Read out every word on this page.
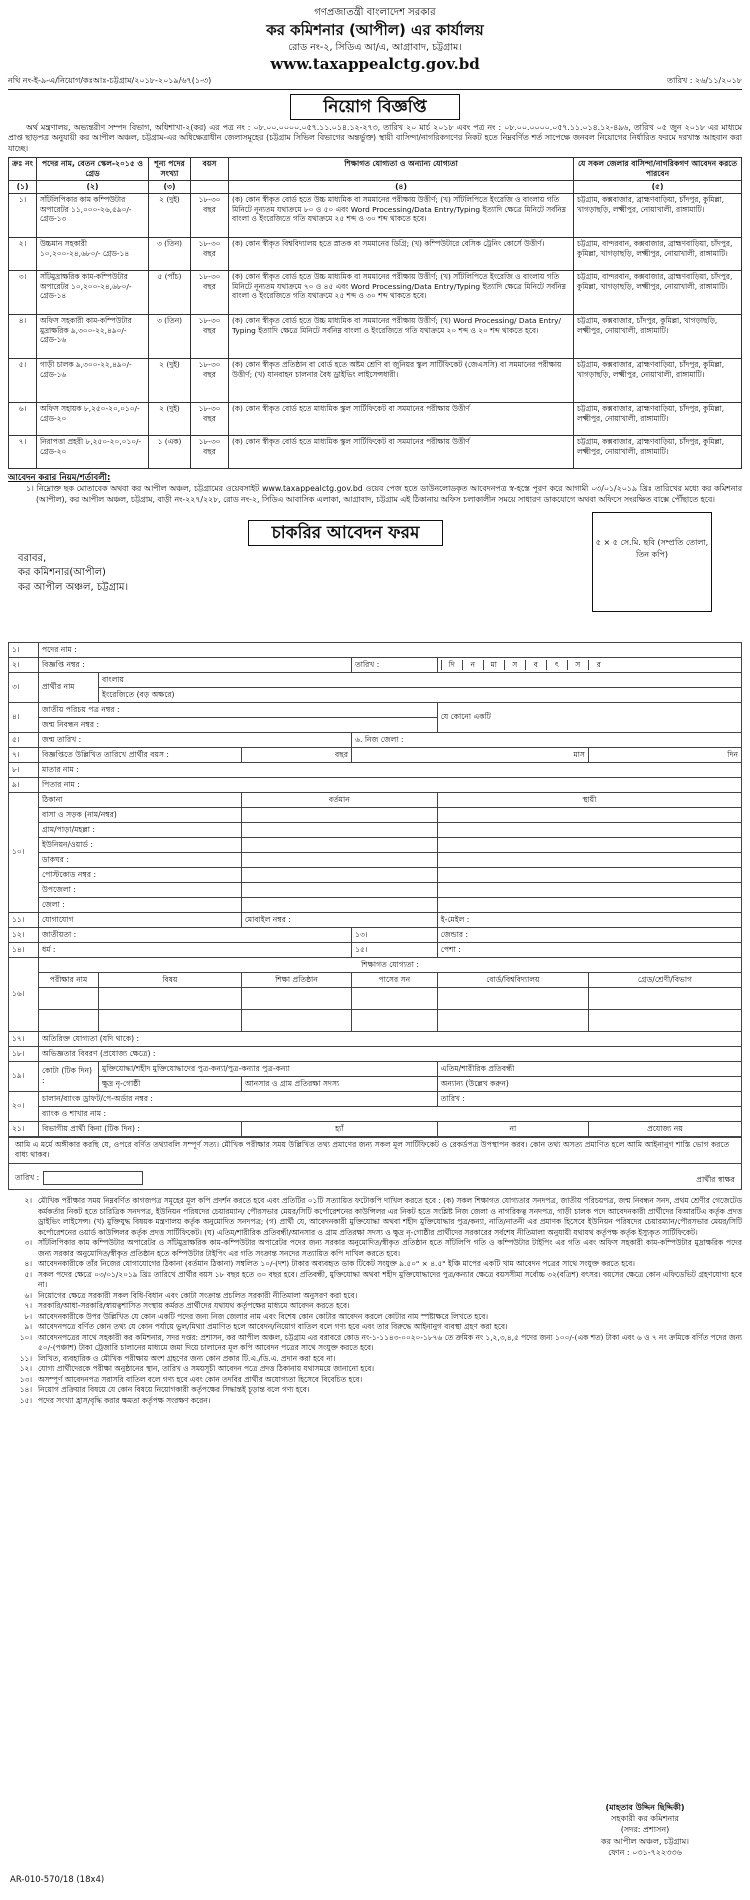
গণপ্রজাতন্ত্রী বাংলাদেশ সরকার
কর কমিশনার (আপীল) এর কার্যালয়
রোড নং-২, সিডিএ আ/এ, আগ্রাবাদ, চট্টগ্রাম।
www.taxappealctg.gov.bd
নথি নং-ই-৯-এ/নিয়োগ/কঃআঃ-চট্টগ্রাম/২০১৮-২০১৯/৬৭(১-৩)	তারিখ : ২৬/১১/২০১৮
নিয়োগ বিজ্ঞপ্তি

অর্থ মন্ত্রণালয়, অভ্যন্তরীণ সম্পদ বিভাগ, অধিশাখা-২(কর) এর পত্র নং : ০৮.০০.০০০০.০৫৭.১১.০১৪.১২-২৭৩, তারিখ ২০ মার্চ ২০১৮ এবং পত্র নং : ০৮.০০.০০০০.০৫৭.১১.০১৪.১২-৪৯৬, তারিখ ০৫ জুন ২০১৮ এর মাধ্যমে প্রাপ্ত ছাড়পত্র অনুযায়ী কর আপীল অঞ্চল, চট্টগ্রাম-এর অধিক্ষেত্রাধীন জেলাসমূহের (চট্টগ্রাম সিভিল বিভাগের অন্তর্ভুক্ত) স্থায়ী বাসিন্দা/নাগরিকগণের নিকট হতে নিম্নবর্ণিত শর্ত সাপেক্ষে জনবল নিয়োগের নির্ধারিত ফরমে দরখাস্ত আহবান করা যাচ্ছে।

ক্রঃ নং	পদের নাম, বেতন স্কেল-২০১৫ ও গ্রেড	শূন্য পদের সংখ্যা	বয়স	শিক্ষাগত যোগ্যতা ও অন্যান্য যোগ্যতা	যে সকল জেলার বাসিন্দা/নাগরিকগণ আবেদন করতে পারবেন
(১)	(২)	(৩)		(৪)	(৫)
১।	সাঁটলিপিকার কাম কম্পিউটার অপারেটর ১১,০০০-২৬,৫৯০/- গ্রেড-১৩	২ (দুই)	১৮-৩০ বছর	(ক) কোন স্বীকৃত বোর্ড হতে উচ্চ মাধ্যমিক বা সমমানের পরীক্ষায় উত্তীর্ণ; (খ) সাঁটলিপিতে ইংরেজি ও বাংলায় গতি মিনিটে নূন্যতম যথাক্রমে ৮০ ও ৫০ এবং Word Processing/Data Entry/Typing ইত্যাদি ক্ষেত্রে মিনিটে সর্বনিম্ন বাংলা ও ইংরেজিতে গতি যথাক্রমে ২৫ শব্দ ও ৩০ শব্দ থাকতে হবে।	চট্টগ্রাম, কক্সবাজার, ব্রাহ্মণবাড়িয়া, চাঁদপুর, কুমিল্লা, খাগড়াছড়ি, লক্ষ্মীপুর, নোয়াখালী, রাঙ্গামাটি।
২।	উচ্চমান সহকারী ১০,২০০-২৪,৬৮০/- গ্রেড-১৪	৩ (তিন)	১৮-৩০ বছর	(ক) কোন স্বীকৃত বিশ্ববিদ্যালয় হতে স্নাতক বা সমমানের ডিগ্রি; (খ) কম্পিউটারে বেসিক ট্রেনিং কোর্সে উত্তীর্ণ।	চট্টগ্রাম, বান্দরবান, কক্সবাজার, ব্রাহ্মণবাড়িয়া, চাঁদপুর, কুমিল্লা, খাগড়াছড়ি, লক্ষ্মীপুর, নোয়াখালী, রাঙ্গামাটি।
৩।	সাঁটমুদ্রাক্ষরিক কাম-কম্পিউটার অপারেটর ১০,২০০-২৪,৬৮০/- গ্রেড-১৪	৫ (পাঁচ)	১৮-৩০ বছর	(ক) কোন স্বীকৃত বোর্ড হতে উচ্চ মাধ্যমিক বা সমমানের পরীক্ষায় উত্তীর্ণ; (খ) সাঁটলিপিতে ইংরেজি ও বাংলায় গতি মিনিটে নূন্যতম যথাক্রমে ৭০ ও ৪৫ এবং Word Processing/Data Entry/Typing ইত্যাদি ক্ষেত্রে মিনিটে সর্বনিম্ন বাংলা ও ইংরেজিতে গতি যথাক্রমে ২৫ শব্দ ও ৩০ শব্দ থাকতে হবে।	চট্টগ্রাম, বান্দরবান, কক্সবাজার, ব্রাহ্মণবাড়িয়া, চাঁদপুর, কুমিল্লা, খাগড়াছড়ি, লক্ষ্মীপুর, নোয়াখালী, রাঙ্গামাটি।
৪।	অফিস সহকারী কাম-কম্পিউটার মুদ্রাক্ষরিক ৯,৩০০-২২,৪৯০/- গ্রেড-১৬	৩ (তিন)	১৮-৩০ বছর	(ক) কোন স্বীকৃত বোর্ড হতে উচ্চ মাধ্যমিক বা সমমানের পরীক্ষায় উত্তীর্ণ; (খ) Word Processing/ Data Entry/ Typing ইত্যাদি ক্ষেত্রে মিনিটে সর্বনিম্ন বাংলা ও ইংরেজিতে গতি যথাক্রমে ২০ শব্দ ও ২০ শব্দ থাকতে হবে।	চট্টগ্রাম, কক্সবাজার, চাঁদপুর, কুমিল্লা, খাগড়াছড়ি, লক্ষ্মীপুর, নোয়াখালী, রাঙ্গামাটি।
৫।	গাড়ী চালক ৯,৩০০-২২,৪৯০/- গ্রেড-১৬	২ (দুই)	১৮-৩০ বছর	(ক) কোন স্বীকৃত প্রতিষ্ঠান বা বোর্ড হতে অষ্টম শ্রেণি বা জুনিয়র স্কুল সার্টিফিকেট (জেএসসি) বা সমমানের পরীক্ষায় উত্তীর্ণ; (খ) যানবাহন চালনার বৈধ ড্রাইভিং লাইসেন্সধারী।	চট্টগ্রাম, কক্সবাজার, ব্রাহ্মণবাড়িয়া, চাঁদপুর, কুমিল্লা, খাগড়াছড়ি, লক্ষ্মীপুর, নোয়াখালী, রাঙ্গামাটি।
৬।	অফিস সহায়ক ৮,২৫০-২০,০১০/- গ্রেড-২০	২ (দুই)	১৮-৩০ বছর	(ক) কোন স্বীকৃত বোর্ড হতে মাধ্যমিক স্কুল সার্টিফিকেট বা সমমানের পরীক্ষায় উত্তীর্ণ	চট্টগ্রাম, কক্সবাজার, ব্রাহ্মণবাড়িয়া, চাঁদপুর, কুমিল্লা, লক্ষ্মীপুর, নোয়াখালী, রাঙ্গামাটি।
৭।	নিরাপত্তা প্রহরী ৮,২৫০-২০,০১০/- গ্রেড-২০	১ (এক)	১৮-৩০ বছর	(ক) কোন স্বীকৃত বোর্ড হতে মাধ্যমিক স্কুল সার্টিফিকেট বা সমমানের পরীক্ষায় উত্তীর্ণ	চট্টগ্রাম, কক্সবাজার, ব্রাহ্মণবাড়িয়া, চাঁদপুর, কুমিল্লা, লক্ষ্মীপুর, নোয়াখালী, রাঙ্গামাটি।
আবেদন করার নিয়ম/শর্তাবলী:

১। নিম্নোক্ত ছক মোতাবেক অথবা কর আপীল অঞ্চল, চট্টগ্রামের ওয়েবসাইট www.taxappealctg.gov.bd ওয়েব পেজ হতে ডাউনলোডকৃত আবেদনপত্র স্ব-হস্তে পূরণ করে আগামী ০৩/০১/২০১৯ খ্রিঃ তারিখের মধ্যে কর কমিশনার (আপীল), কর আপীল অঞ্চল, চট্টগ্রাম, বাড়ী নং-২২৭/২২৮, রোড নং-২, সিডিএ আবাসিক এলাকা, আগ্রাবাদ, চট্টগ্রাম এই ঠিকানায় অফিস চলাকালীন সময়ে সাধারণ ডাকযোগে অথবা অফিসে সংরক্ষিত বাক্সে পৌঁছাতে হবে।

চাকরির আবেদন ফরম
বরাবর,
কর কমিশনার(আপীল)
কর আপীল অঞ্চল, চট্টগ্রাম।
৫ × ৫ সে.মি. ছবি (সম্প্রতি তোলা, তিন কপি)
১।	পদের নাম :					
২।	বিজ্ঞপ্তি নম্বর :			তারিখ :	দি ন মা স ব ৎ স র	
৩।	প্রার্থীর নাম	বাংলায়				
		ইংরেজিতে (বড় অক্ষরে)				
৪।	জাতীয় পরিচয় পত্র নম্বর :				যে কোনো একটি	
	জন্ম নিবন্ধন নম্বর :					
৫।	জন্ম তারিখ :			৬. নিজ জেলা :		
৭।	বিজ্ঞপ্তিতে উল্লিখিত তারিখে প্রার্থীর বয়স :		বছর	মাস		দিন
৮।	মাতার নাম :					
৯।	পিতার নাম :					
১০।	ঠিকানা		বর্তমান		স্থায়ী	
	বাসা ও সড়ক (নাম/নম্বর)					
	গ্রাম/পাড়া/মহল্লা :					
	ইউনিয়ন/ওয়ার্ড :					
	ডাকঘর :					
	পোস্টকোড নম্বর :					
	উপজেলা :					
	জেলা :					
১১।	যোগাযোগ		মোবাইল নম্বর :		ই-মেইল :	
১২।	জাতীয়তা :			১৩।	জেন্ডার :	
১৪।	ধর্ম :			১৫।	পেশা :	
১৬।	শিক্ষাগত যোগ্যতা :					
	পরীক্ষার নাম	বিষয়	শিক্ষা প্রতিষ্ঠান	পাসের সন	বোর্ড/বিশ্ববিদ্যালয়	গ্রেড/শ্রেণী/বিভাগ

১৭।	অতিরিক্ত যোগ্যতা (যদি থাকে) :					
১৮।	অভিজ্ঞতার বিবরণ (প্রযোজ্য ক্ষেত্রে) :					
১৯।	কোটা (টিক দিন) :	মুক্তিযোদ্ধা/শহীদ মুক্তিযোদ্ধাদের পুত্র-কন্যা/পুত্র-কন্যার পুত্র-কন্যা			এতিম/শারীরিক প্রতিবন্ধী	
		ক্ষুদ্র নৃ-গোষ্ঠী	আনসার ও গ্রাম প্রতিরক্ষা সদস্য		অন্যান্য (উল্লেখ করুন)	
২০।	চালান/ব্যাংক ড্রাফট/পে-অর্ডার নম্বর :				তারিখ :	
	ব্যাংক ও শাখার নাম :					
২১।	বিভাগীয় প্রার্থী কিনা (টিক দিন) :		হ্যাঁ		না	প্রযোজ্য নয়
আমি এ মর্মে অঙ্গীকার করছি যে, ওপরে বর্ণিত তথ্যাবলি সম্পূর্ণ সত্য। মৌখিক পরীক্ষার সময় উল্লিখিত তথ্য প্রমাণের জন্য সকল মূল সার্টিফিকেট ও রেকর্ডপত্র উপস্থাপন করব। কোন তথ্য অসত্য প্রমাণিত হলে আমি আইনানুগ শাস্তি ভোগ করতে বাধ্য থাকব।
তারিখ :	প্রার্থীর স্বাক্ষর
২। মৌখিক পরীক্ষার সময় নিম্নবর্ণিত কাগজপত্র সমূহের মূল কপি প্রদর্শন করতে হবে এবং প্রতিটির ০১টি সত্যায়িত ফটোকপি দাখিল করতে হবে : (ক) সকল শিক্ষাগত যোগ্যতার সনদপত্র, জাতীয় পরিচয়পত্র, জন্ম নিবন্ধন সনদ, প্রথম শ্রেণীর গেজেটেড কর্মকর্তার নিকট হতে চারিত্রিক সনদপত্র, ইউনিয়ন পরিষদের চেয়ারম্যান/ পৌরসভার মেয়র/সিটি কর্পোরেশনের কাউন্সিলর এর নিকট হতে সংশ্লিষ্ট নিজ জেলা ও নাগরিকত্ব সনদপত্র, গাড়ী চালক পদে আবেদনকারী প্রার্থীদের বিআরটিএ কর্তৃক প্রদত্ত ড্রাইভিং লাইসেন্স। (খ) মুক্তিযুদ্ধ বিষয়ক মন্ত্রণালয় কর্তৃক অনুমোদিত সনদপত্র; (গ) প্রার্থী যে, আবেদনকারী মুক্তিযোদ্ধা অথবা শহীদ মুক্তিযোদ্ধার পুত্র/কন্যা, নাতি/নাতনী এর প্রমাণক হিসেবে ইউনিয়ন পরিষদের চেয়ারম্যান/পৌরসভার মেয়র/সিটি কর্পোরেশনের ওয়ার্ড কাউন্সিলর কর্তৃক প্রদত্ত সার্টিফিকেট। (ঘ) এতিম/শারীরিক প্রতিবন্ধী/আনসার ও গ্রাম প্রতিরক্ষা সদস্য ও ক্ষুদ্র নৃ-গোষ্ঠীর প্রার্থীদের সরকারের সর্বশেষ নীতিমালা অনুযায়ী যথাযথ কর্তৃপক্ষ কর্তৃক ইস্যুকৃত সার্টিফিকেট।
৩। সাঁটলিপিকার কাম কম্পিউটার অপারেটর ও সাঁটমুদ্রাক্ষরিক কাম-কম্পিউটার অপারেটর পদের জন্য সরকার অনুমোদিত/স্বীকৃত প্রতিষ্ঠান হতে সাঁটলিপি গতি ও কম্পিউটার টাইপিং এর গতি এবং অফিস সহকারী কাম-কম্পিউটার মুদ্রাক্ষরিক পদের জন্য সরকার অনুমোদিত/স্বীকৃত প্রতিষ্ঠান হতে কম্পিউটার টাইপিং এর গতি সংক্রান্ত সনদের সত্যায়িত কপি দাখিল করতে হবে।
৪। আবেদনকারীকে তাঁর নিজের যোগাযোগের ঠিকানা (বর্তমান ঠিকানা) সম্বলিত ১০/-(দশ) টাকার অব্যবহৃত ডাক টিকেট সংযুক্ত ৯.৫০" × ৪.৫" ইঞ্চি মাপের একটি খাম আবেদন পত্রের সাথে সংযুক্ত করতে হবে।
৫। সকল পদের ক্ষেত্রে ০৩/০১/২০১৯ খ্রিঃ তারিখে প্রার্থীর বয়স ১৮ বছর হতে ৩০ বছর হবে। প্রতিবন্ধী, মুক্তিযোদ্ধা অথবা শহীদ মুক্তিযোদ্ধাদের পুত্র/কন্যার ক্ষেত্রে বয়সসীমা সর্বোচ্চ ৩২(বত্রিশ) বৎসর। বয়সের ক্ষেত্রে কোন এফিডেভিট গ্রহণযোগ্য হবে না।
৬। নিয়োগের ক্ষেত্রে সরকারী সকল বিধি-বিধান এবং কোটা সংক্রান্ত প্রচলিত সরকারী নীতিমালা অনুসরণ করা হবে।
৭। সরকারি/আধা-সরকারি/স্বায়ত্বশাসিত সংস্থায় কর্মরত প্রার্থীদের যথাযথ কর্তৃপক্ষের মাধ্যমে আবেদন করতে হবে।
৮। আবেদনকারীকে উপর উল্লিখিত যে কোন একটি পদের জন্য নিজ জেলার নাম এবং বিশেষ কোন কোটার আবেদন করলে কোটার নাম স্পষ্টাক্ষরে লিখতে হবে।
৯। আবেদনপত্রে বর্ণিত কোন তথ্য যে কোন পর্যায়ে ভুল/মিথ্যা প্রমাণিত হলে আবেদন/নিয়োগ বাতিল বলে গণ্য হবে এবং তার বিরুদ্ধে আইনানুগ ব্যবস্থা গ্রহণ করা হবে।
১০। আবেদনপত্রের সাথে সহকারী কর কমিশনার, সদর দপ্তর: প্রশাসন, কর আপীল অঞ্চল, চট্টগ্রাম এর বরাবরে কোড নং-১-১১৪৩-০০২০-১৮৭৬ তে ক্রমিক নং ১,২,৩,৪,৫ পদের জন্য ১০০/-(এক শত) টাকা এবং ৬ ও ৭ নং ক্রমিকে বর্ণিত পদের জন্য ৫০/-(পঞ্চাশ) টাকা ট্রেজারি চালানের মাধ্যমে জমা দিয়ে চালানের মূল কপি আবেদন পত্রের সাথে সংযুক্ত করতে হবে।
১১। লিখিত, ব্যবহারিক ও মৌখিক পরীক্ষায় অংশ গ্রহণের জন্য কোন প্রকার টি.এ./ডি.এ. প্রদান করা হবে না।
১২। যোগ্য প্রার্থীদেরকে পরীক্ষা অনুষ্ঠানের স্থান, তারিখ ও সময়সূচী আবেদন পত্রে প্রদত্ত ঠিকানায় যথাসময়ে জানানো হবে।
১৩। অসম্পূর্ণ আবেদনপত্র সরাসরি বাতিল বলে গণ্য হবে এবং কোন তদবির প্রার্থীর অযোগ্যতা হিসেবে বিবেচিত হবে।
১৪। নিয়োগ প্রক্রিয়ার বিষয়ে যে কোন বিষয়ে নিয়োগকারী কর্তৃপক্ষের সিদ্ধান্তই চূড়ান্ত বলে গণ্য হবে।
১৫। পদের সংখ্যা হ্রাস/বৃদ্ধি করার ক্ষমতা কর্তৃপক্ষ সংরক্ষণ করেন।
(মাহতাব উদ্দিন ছিদ্দিকী)
সহকারী কর কমিশনার
(সদর: প্রশাসন)
কর আপীল অঞ্চল, চট্টগ্রাম।
ফোন : ০৩১-৭২২৩৩৬
AR-010-570/18 (18x4)
